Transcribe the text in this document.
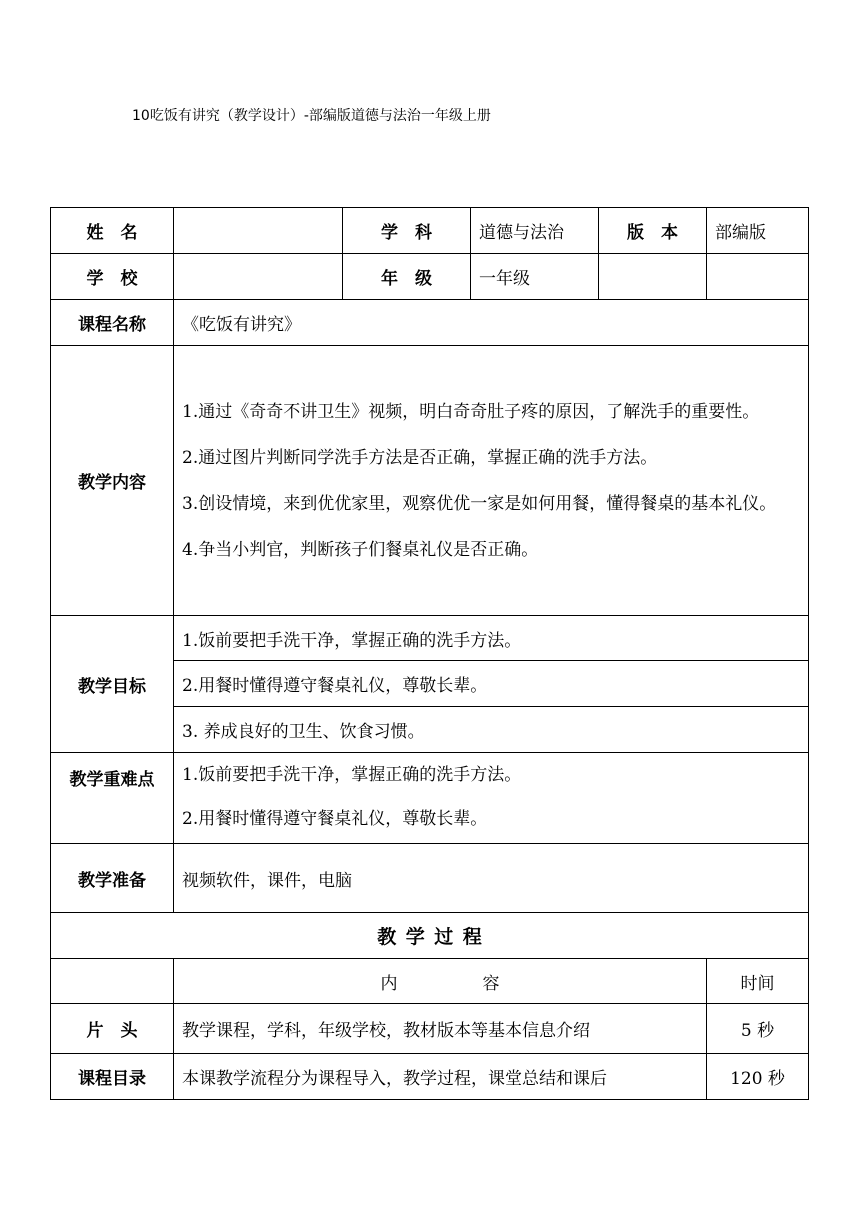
10吃饭有讲究（教学设计）-部编版道德与法治一年级上册
姓　名		学　科	道德与法治	版　本	部编版
学　校		年　级	一年级		
课程名称	《吃饭有讲究》				
教学内容	1.通过《奇奇不讲卫生》视频，明白奇奇肚子疼的原因，了解洗手的重要性。

2.通过图片判断同学洗手方法是否正确，掌握正确的洗手方法。

3.创设情境，来到优优家里，观察优优一家是如何用餐，懂得餐桌的基本礼仪。

4.争当小判官，判断孩子们餐桌礼仪是否正确。				

教学目标	1.饭前要把手洗干净，掌握正确的洗手方法。				
	2.用餐时懂得遵守餐桌礼仪，尊敬长辈。				
	3. 养成良好的卫生、饮食习惯。				
教学重难点	1.饭前要把手洗干净，掌握正确的洗手方法。

2.用餐时懂得遵守餐桌礼仪，尊敬长辈。				

教学准备	视频软件，课件，电脑				
教学过程					
	内容				时间
片　头	教学课程，学科，年级学校，教材版本等基本信息介绍				5 秒
课程目录	本课教学流程分为课程导入，教学过程，课堂总结和课后				120 秒
